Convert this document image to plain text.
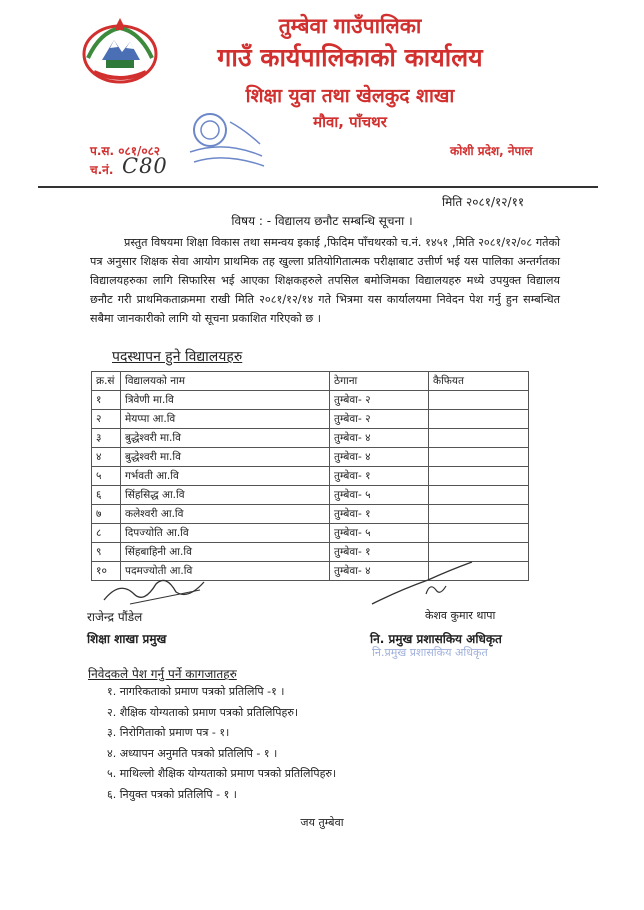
तुम्बेवा गाउँपालिका
गाउँ कार्यपालिकाको कार्यालय
शिक्षा युवा तथा खेलकुद शाखा
मौवा, पाँचथर
प.स. ०८१/०८२
च.नं. C80
कोशी प्रदेश, नेपाल
मिति २०८१/१२/११
विषय : - विद्यालय छनौट सम्बन्धि सूचना ।
प्रस्तुत विषयमा शिक्षा विकास तथा समन्वय इकाई ,फिदिम पाँचथरको च.नं. १४५१ ,मिति २०८१/१२/०८ गतेको पत्र अनुसार शिक्षक सेवा आयोग प्राथमिक तह खुल्ला प्रतियोगितात्मक परीक्षाबाट उत्तीर्ण भई यस पालिका अन्तर्गतका विद्यालयहरुका लागि सिफारिस भई आएका शिक्षकहरुले तपसिल बमोजिमका विद्यालयहरु मध्ये उपयुक्त विद्यालय छनौट गरी प्राथमिकताक्रममा राखी मिति २०८१/१२/१४ गते भित्रमा यस कार्यालयमा निवेदन पेश गर्नु हुन सम्बन्धित सबैमा जानकारीको लागि यो सूचना प्रकाशित गरिएको छ ।
पदस्थापन हुने विद्यालयहरु
क्र.सं	विद्यालयको नाम	ठेगाना	कैफियत
१	त्रिवेणी मा.वि	तुम्बेवा- २	
२	मेयप्पा आ.वि	तुम्बेवा- २	
३	बुद्धेश्वरी मा.वि	तुम्बेवा- ४	
४	बुद्धेश्वरी मा.वि	तुम्बेवा- ४	
५	गर्भवती आ.वि	तुम्बेवा- १	
६	सिंहसिद्ध आ.वि	तुम्बेवा- ५	
७	कलेश्वरी आ.वि	तुम्बेवा- १	
८	दिपज्योति आ.वि	तुम्बेवा- ५	
९	सिंहबाहिनी आ.वि	तुम्बेवा- १	
१०	पदमज्योती आ.वि	तुम्बेवा- ४	
राजेन्द्र पौंडेल
शिक्षा शाखा प्रमुख
केशव कुमार थापा
नि. प्रमुख प्रशासकिय अधिकृत
नि.प्रमुख प्रशासकिय अधिकृत
निवेदकले पेश गर्नु पर्ने कागजातहरु
१. नागरिकताको प्रमाण पत्रको प्रतिलिपि -१ ।
२. शैक्षिक योग्यताको प्रमाण पत्रको प्रतिलिपिहरु।
३. निरोगिताको प्रमाण पत्र - १।
४. अध्यापन अनुमति पत्रको प्रतिलिपि - १ ।
५. माथिल्लो शैक्षिक योग्यताको प्रमाण पत्रको प्रतिलिपिहरु।
६. नियुक्त पत्रको प्रतिलिपि - १ ।
जय तुम्बेवा
